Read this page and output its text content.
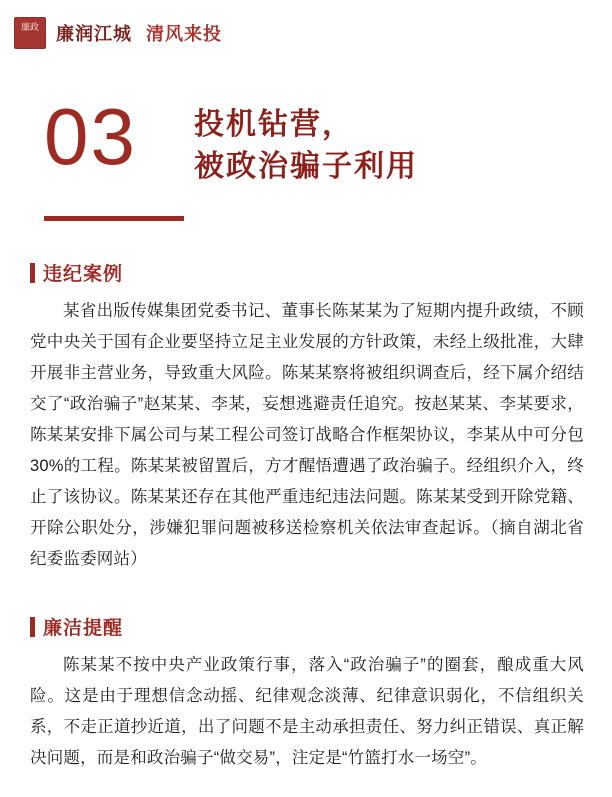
廉政 廉润江城 清风来投
03	投机钻营，
被政治骗子利用
违纪案例

某省出版传媒集团党委书记、董事长陈某某为了短期内提升政绩，不顾党中央关于国有企业要坚持立足主业发展的方针政策，未经上级批准，大肆开展非主营业务，导致重大风险。陈某某察将被组织调查后，经下属介绍结交了“政治骗子”赵某某、李某，妄想逃避责任追究。按赵某某、李某要求，陈某某安排下属公司与某工程公司签订战略合作框架协议，李某从中可分包30%的工程。陈某某被留置后，方才醒悟遭遇了政治骗子。经组织介入，终止了该协议。陈某某还存在其他严重违纪违法问题。陈某某受到开除党籍、开除公职处分，涉嫌犯罪问题被移送检察机关依法审查起诉。（摘自湖北省纪委监委网站）

廉洁提醒

陈某某不按中央产业政策行事，落入“政治骗子”的圈套，酿成重大风险。这是由于理想信念动摇、纪律观念淡薄、纪律意识弱化，不信组织关系，不走正道抄近道，出了问题不是主动承担责任、努力纠正错误、真正解决问题，而是和政治骗子“做交易”，注定是“竹篮打水一场空”。
